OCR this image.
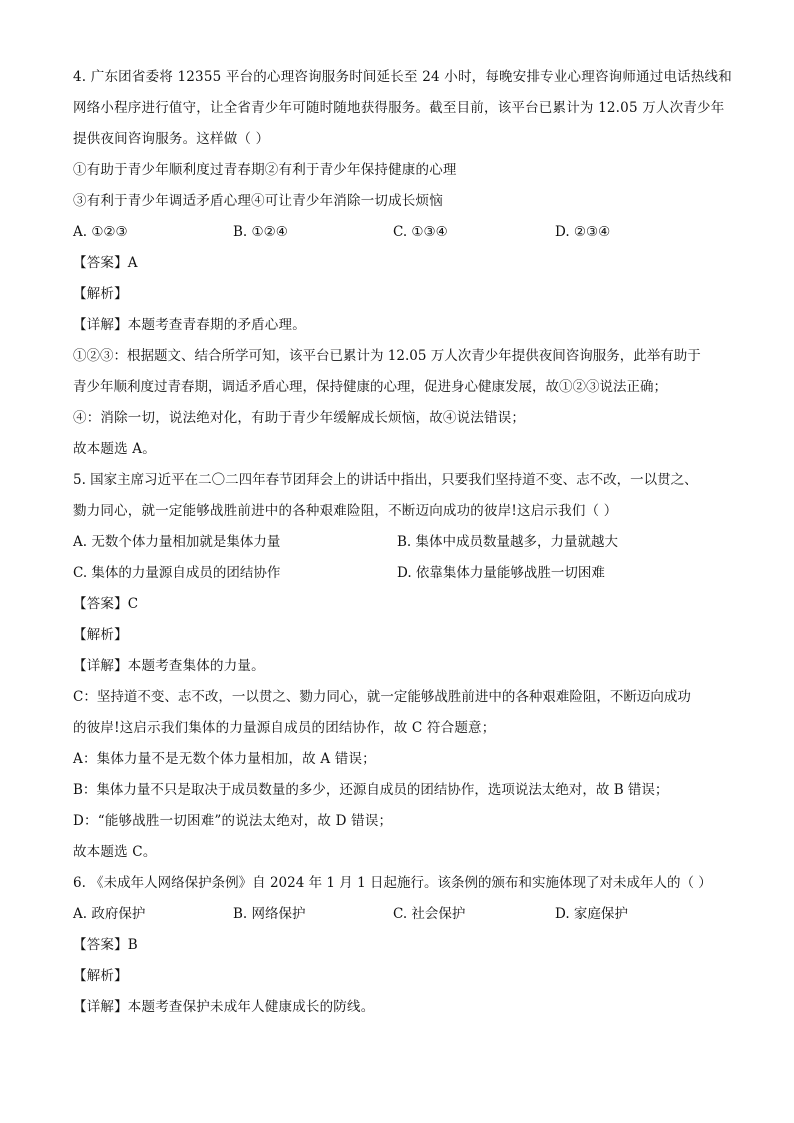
4. 广东团省委将 12355 平台的心理咨询服务时间延长至 24 小时，每晚安排专业心理咨询师通过电话热线和
网络小程序进行值守，让全省青少年可随时随地获得服务。截至目前，该平台已累计为 12.05 万人次青少年
提供夜间咨询服务。这样做（ ）
①有助于青少年顺利度过青春期②有利于青少年保持健康的心理
③有利于青少年调适矛盾心理④可让青少年消除一切成长烦恼
A. ①②③	B. ①②④	C. ①③④	D. ②③④
【答案】A
【解析】
【详解】本题考查青春期的矛盾心理。
①②③：根据题文、结合所学可知，该平台已累计为 12.05 万人次青少年提供夜间咨询服务，此举有助于
青少年顺利度过青春期，调适矛盾心理，保持健康的心理，促进身心健康发展，故①②③说法正确；
④：消除一切，说法绝对化，有助于青少年缓解成长烦恼，故④说法错误；
故本题选 A。
5. 国家主席习近平在二〇二四年春节团拜会上的讲话中指出，只要我们坚持道不变、志不改，一以贯之、
勠力同心，就一定能够战胜前进中的各种艰难险阻，不断迈向成功的彼岸!这启示我们（ ）
A. 无数个体力量相加就是集体力量	B. 集体中成员数量越多，力量就越大
C. 集体的力量源自成员的团结协作	D. 依靠集体力量能够战胜一切困难
【答案】C
【解析】
【详解】本题考查集体的力量。
C：坚持道不变、志不改，一以贯之、勠力同心，就一定能够战胜前进中的各种艰难险阻，不断迈向成功
的彼岸!这启示我们集体的力量源自成员的团结协作，故 C 符合题意；
A：集体力量不是无数个体力量相加，故 A 错误；
B：集体力量不只是取决于成员数量的多少，还源自成员的团结协作，选项说法太绝对，故 B 错误；
D：“能够战胜一切困难”的说法太绝对，故 D 错误；
故本题选 C。
6. 《未成年人网络保护条例》自 2024 年 1 月 1 日起施行。该条例的颁布和实施体现了对未成年人的（ ）
A. 政府保护	B. 网络保护	C. 社会保护	D. 家庭保护
【答案】B
【解析】
【详解】本题考查保护未成年人健康成长的防线。
